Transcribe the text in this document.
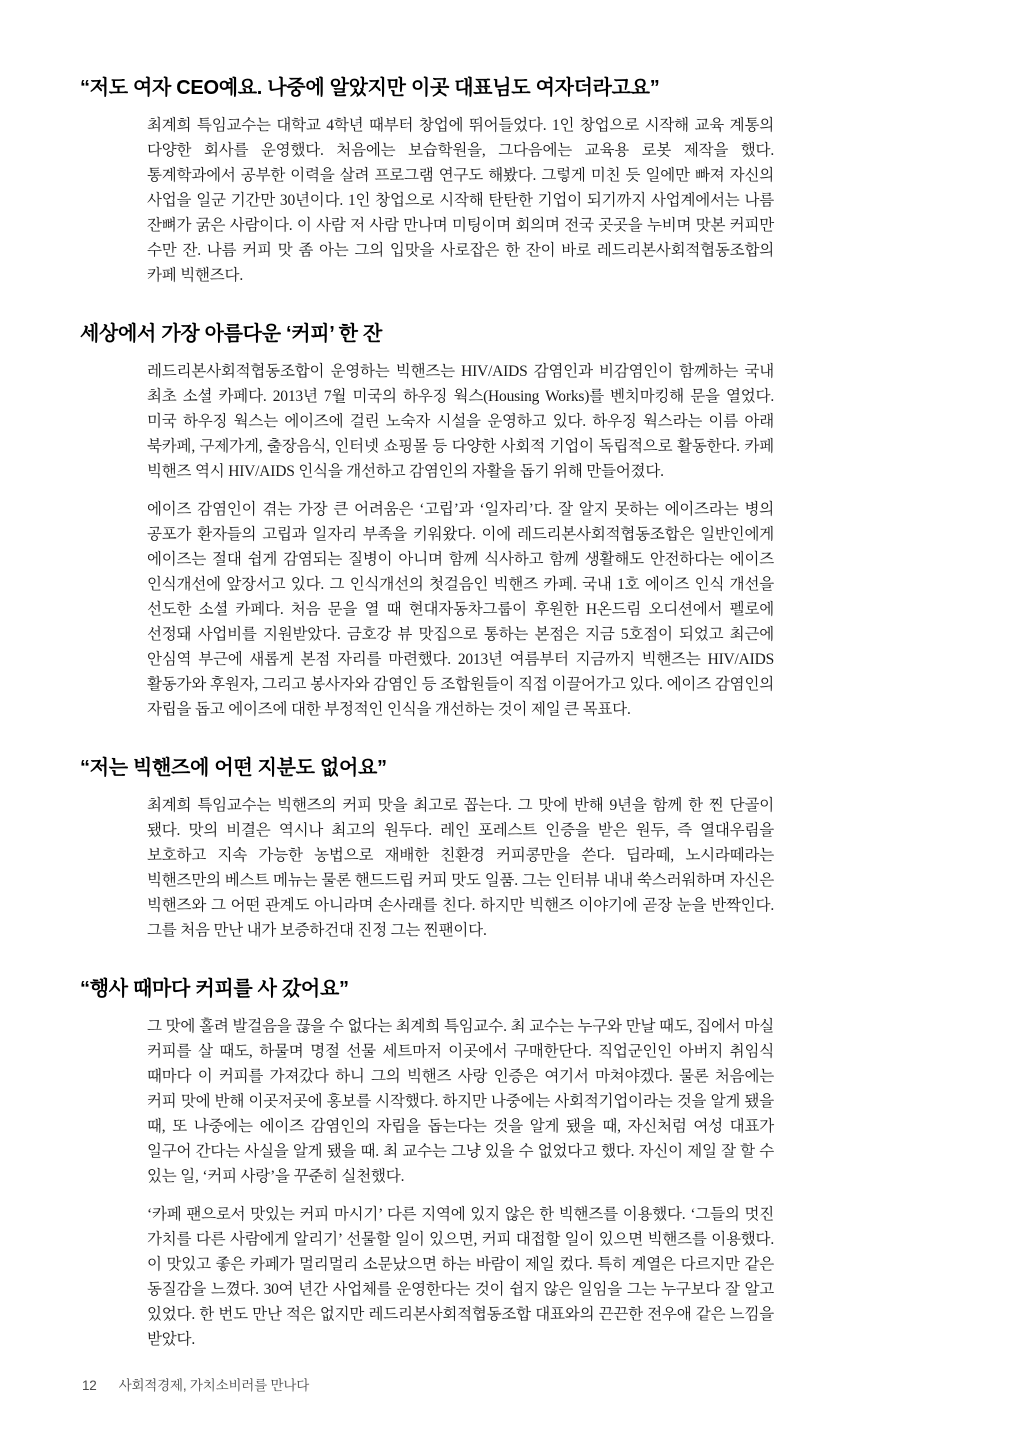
“저도 여자 CEO예요. 나중에 알았지만 이곳 대표님도 여자더라고요”

최계희 특임교수는 대학교 4학년 때부터 창업에 뛰어들었다. 1인 창업으로 시작해 교육 계통의 다양한 회사를 운영했다. 처음에는 보습학원을, 그다음에는 교육용 로봇 제작을 했다. 통계학과에서 공부한 이력을 살려 프로그램 연구도 해봤다. 그렇게 미친 듯 일에만 빠져 자신의 사업을 일군 기간만 30년이다. 1인 창업으로 시작해 탄탄한 기업이 되기까지 사업계에서는 나름 잔뼈가 굵은 사람이다. 이 사람 저 사람 만나며 미팅이며 회의며 전국 곳곳을 누비며 맛본 커피만 수만 잔. 나름 커피 맛 좀 아는 그의 입맛을 사로잡은 한 잔이 바로 레드리본사회적협동조합의 카페 빅핸즈다.

세상에서 가장 아름다운 ‘커피’ 한 잔

레드리본사회적협동조합이 운영하는 빅핸즈는 HIV/AIDS 감염인과 비감염인이 함께하는 국내 최초 소셜 카페다. 2013년 7월 미국의 하우징 웍스(Housing Works)를 벤치마킹해 문을 열었다. 미국 하우징 웍스는 에이즈에 걸린 노숙자 시설을 운영하고 있다. 하우징 웍스라는 이름 아래 북카페, 구제가게, 출장음식, 인터넷 쇼핑몰 등 다양한 사회적 기업이 독립적으로 활동한다. 카페 빅핸즈 역시 HIV/AIDS 인식을 개선하고 감염인의 자활을 돕기 위해 만들어졌다.

에이즈 감염인이 겪는 가장 큰 어려움은 ‘고립’과 ‘일자리’다. 잘 알지 못하는 에이즈라는 병의 공포가 환자들의 고립과 일자리 부족을 키워왔다. 이에 레드리본사회적협동조합은 일반인에게 에이즈는 절대 쉽게 감염되는 질병이 아니며 함께 식사하고 함께 생활해도 안전하다는 에이즈 인식개선에 앞장서고 있다. 그 인식개선의 첫걸음인 빅핸즈 카페. 국내 1호 에이즈 인식 개선을 선도한 소셜 카페다. 처음 문을 열 때 현대자동차그룹이 후원한 H온드림 오디션에서 펠로에 선정돼 사업비를 지원받았다. 금호강 뷰 맛집으로 통하는 본점은 지금 5호점이 되었고 최근에 안심역 부근에 새롭게 본점 자리를 마련했다. 2013년 여름부터 지금까지 빅핸즈는 HIV/AIDS 활동가와 후원자, 그리고 봉사자와 감염인 등 조합원들이 직접 이끌어가고 있다. 에이즈 감염인의 자립을 돕고 에이즈에 대한 부정적인 인식을 개선하는 것이 제일 큰 목표다.

“저는 빅핸즈에 어떤 지분도 없어요”

최계희 특임교수는 빅핸즈의 커피 맛을 최고로 꼽는다. 그 맛에 반해 9년을 함께 한 찐 단골이 됐다. 맛의 비결은 역시나 최고의 원두다. 레인 포레스트 인증을 받은 원두, 즉 열대우림을 보호하고 지속 가능한 농법으로 재배한 친환경 커피콩만을 쓴다. 딥라떼, 노시라떼라는 빅핸즈만의 베스트 메뉴는 물론 핸드드립 커피 맛도 일품. 그는 인터뷰 내내 쑥스러워하며 자신은 빅핸즈와 그 어떤 관계도 아니라며 손사래를 친다. 하지만 빅핸즈 이야기에 곧장 눈을 반짝인다. 그를 처음 만난 내가 보증하건대 진정 그는 찐팬이다.

“행사 때마다 커피를 사 갔어요”

그 맛에 홀려 발걸음을 끊을 수 없다는 최계희 특임교수. 최 교수는 누구와 만날 때도, 집에서 마실 커피를 살 때도, 하물며 명절 선물 세트마저 이곳에서 구매한단다. 직업군인인 아버지 취임식 때마다 이 커피를 가져갔다 하니 그의 빅핸즈 사랑 인증은 여기서 마쳐야겠다. 물론 처음에는 커피 맛에 반해 이곳저곳에 홍보를 시작했다. 하지만 나중에는 사회적기업이라는 것을 알게 됐을 때, 또 나중에는 에이즈 감염인의 자립을 돕는다는 것을 알게 됐을 때, 자신처럼 여성 대표가 일구어 간다는 사실을 알게 됐을 때. 최 교수는 그냥 있을 수 없었다고 했다. 자신이 제일 잘 할 수 있는 일, ‘커피 사랑’을 꾸준히 실천했다.

‘카페 팬으로서 맛있는 커피 마시기’ 다른 지역에 있지 않은 한 빅핸즈를 이용했다. ‘그들의 멋진 가치를 다른 사람에게 알리기’ 선물할 일이 있으면, 커피 대접할 일이 있으면 빅핸즈를 이용했다. 이 맛있고 좋은 카페가 멀리멀리 소문났으면 하는 바람이 제일 컸다. 특히 계열은 다르지만 같은 동질감을 느꼈다. 30여 년간 사업체를 운영한다는 것이 쉽지 않은 일임을 그는 누구보다 잘 알고 있었다. 한 번도 만난 적은 없지만 레드리본사회적협동조합 대표와의 끈끈한 전우애 같은 느낌을 받았다.

12 사회적경제, 가치소비러를 만나다
